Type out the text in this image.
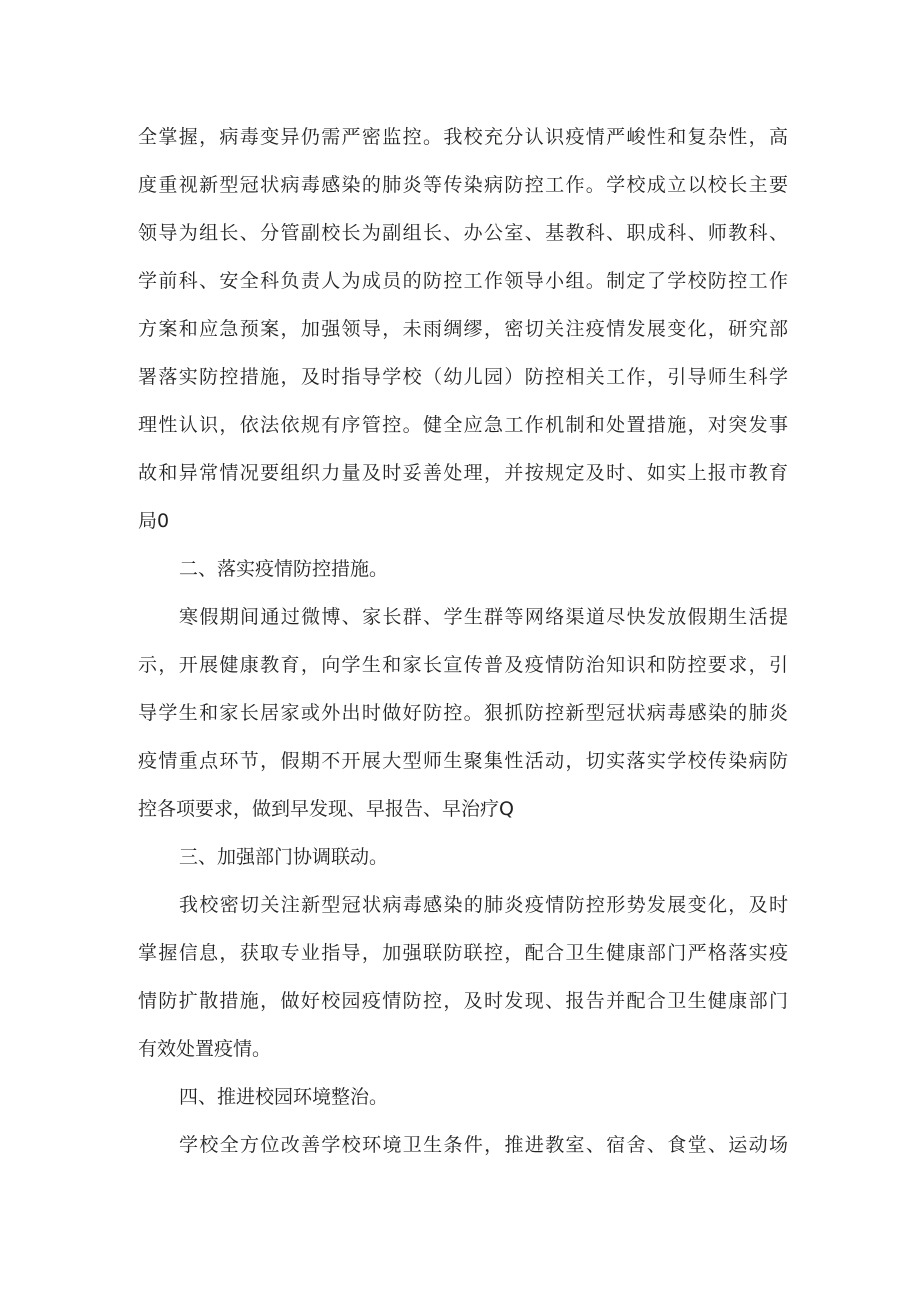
全掌握，病毒变异仍需严密监控。我校充分认识疫情严峻性和复杂性，高
度重视新型冠状病毒感染的肺炎等传染病防控工作。学校成立以校长主要
领导为组长、分管副校长为副组长、办公室、基教科、职成科、师教科、
学前科、安全科负责人为成员的防控工作领导小组。制定了学校防控工作
方案和应急预案，加强领导，未雨绸缪，密切关注疫情发展变化，研究部
署落实防控措施，及时指导学校（幼儿园）防控相关工作，引导师生科学
理性认识，依法依规有序管控。健全应急工作机制和处置措施，对突发事
故和异常情况要组织力量及时妥善处理，并按规定及时、如实上报市教育
局0
二、落实疫情防控措施。
寒假期间通过微博、家长群、学生群等网络渠道尽快发放假期生活提
示，开展健康教育，向学生和家长宣传普及疫情防治知识和防控要求，引
导学生和家长居家或外出时做好防控。狠抓防控新型冠状病毒感染的肺炎
疫情重点环节，假期不开展大型师生聚集性活动，切实落实学校传染病防
控各项要求，做到早发现、早报告、早治疗Q
三、加强部门协调联动。
我校密切关注新型冠状病毒感染的肺炎疫情防控形势发展变化，及时
掌握信息，获取专业指导，加强联防联控，配合卫生健康部门严格落实疫
情防扩散措施，做好校园疫情防控，及时发现、报告并配合卫生健康部门
有效处置疫情。
四、推进校园环境整治。
学校全方位改善学校环境卫生条件，推进教室、宿舍、食堂、运动场
